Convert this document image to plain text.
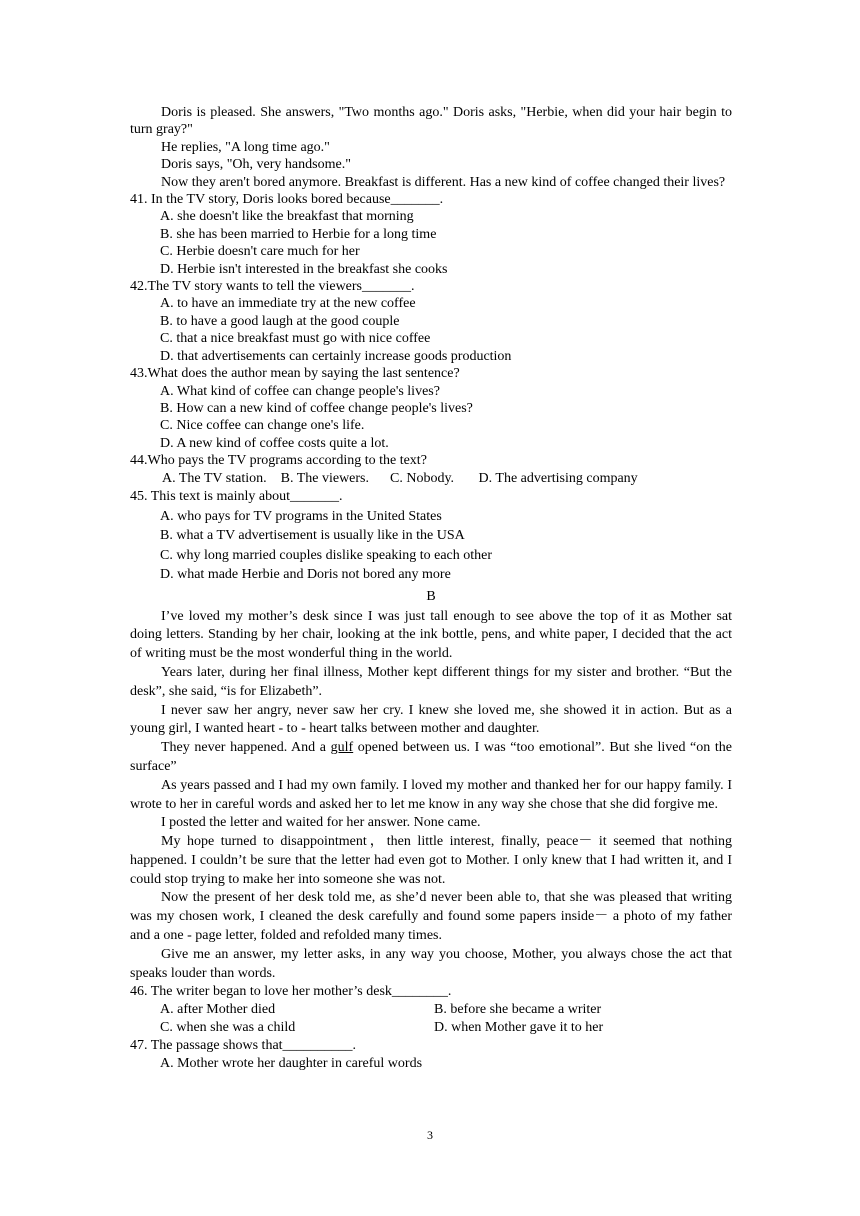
Doris is pleased. She answers, "Two months ago." Doris asks, "Herbie, when did your hair begin to turn gray?"

He replies, "A long time ago."

Doris says, "Oh, very handsome."

Now they aren't bored anymore. Breakfast is different. Has a new kind of coffee changed their lives?

41. In the TV story, Doris looks bored because_______.

A. she doesn't like the breakfast that morning

B. she has been married to Herbie for a long time

C. Herbie doesn't care much for her

D. Herbie isn't interested in the breakfast she cooks

42.The TV story wants to tell the viewers_______.

A. to have an immediate try at the new coffee

B. to have a good laugh at the good couple

C. that a nice breakfast must go with nice coffee

D. that advertisements can certainly increase goods production

43.What does the author mean by saying the last sentence?

A. What kind of coffee can change people's lives?

B. How can a new kind of coffee change people's lives?

C. Nice coffee can change one's life.

D. A new kind of coffee costs quite a lot.

44.Who pays the TV programs according to the text?

A. The TV station.    B. The viewers.      C. Nobody.       D. The advertising company

45. This text is mainly about_______.

A. who pays for TV programs in the United States

B. what a TV advertisement is usually like in the USA

C. why long married couples dislike speaking to each other

D. what made Herbie and Doris not bored any more

B

I’ve loved my mother’s desk since I was just tall enough to see above the top of it as Mother sat doing letters. Standing by her chair, looking at the ink bottle, pens, and white paper, I decided that the act of writing must be the most wonderful thing in the world.

Years later, during her final illness, Mother kept different things for my sister and brother. “But the desk”, she said, “is for Elizabeth”.

I never saw her angry, never saw her cry. I knew she loved me, she showed it in action. But as a young girl, I wanted heart - to - heart talks between mother and daughter.

They never happened. And a gulf opened between us. I was “too emotional”. But she lived “on the surface”

As years passed and I had my own family. I loved my mother and thanked her for our happy family. I wrote to her in careful words and asked her to let me know in any way she chose that she did forgive me.

I posted the letter and waited for her answer. None came.

My hope turned to disappointment，then little interest, finally, peace－ it seemed that nothing happened. I couldn’t be sure that the letter had even got to Mother. I only knew that I had written it, and I could stop trying to make her into someone she was not.

Now the present of her desk told me, as she’d never been able to, that she was pleased that writing was my chosen work, I cleaned the desk carefully and found some papers inside－ a photo of my father and a one - page letter, folded and refolded many times.

Give me an answer, my letter asks, in any way you choose, Mother, you always chose the act that speaks louder than words.

46. The writer began to love her mother’s desk________.

A. after Mother died	B. before she became a writer
C. when she was a child	D. when Mother gave it to her

47. The passage shows that__________.

A. Mother wrote her daughter in careful words

3
